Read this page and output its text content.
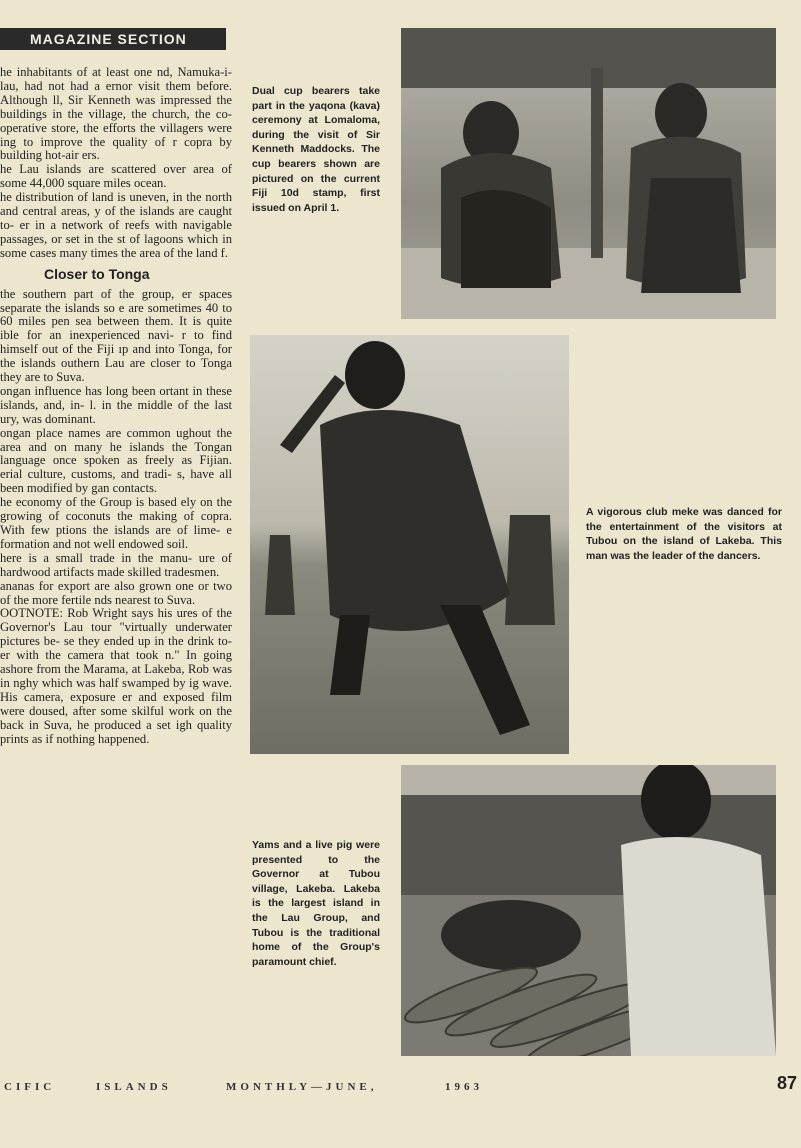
MAGAZINE SECTION

he inhabitants of at least one nd, Namuka-i-lau, had not had a ernor visit them before. Although ll, Sir Kenneth was impressed the buildings in the village, the church, the co-operative store, the efforts the villagers were ing to improve the quality of r copra by building hot-air ers.

he Lau islands are scattered over area of some 44,000 square miles ocean.

he distribution of land is uneven, in the north and central areas, y of the islands are caught to- er in a network of reefs with navigable passages, or set in the st of lagoons which in some cases many times the area of the land f.

Closer to Tonga

the southern part of the group, er spaces separate the islands so e are sometimes 40 to 60 miles pen sea between them. It is quite ible for an inexperienced navi- r to find himself out of the Fiji ıp and into Tonga, for the islands outhern Lau are closer to Tonga they are to Suva.

ongan influence has long been ortant in these islands, and, in- l. in the middle of the last ury, was dominant.

ongan place names are common ughout the area and on many he islands the Tongan language once spoken as freely as Fijian. erial culture, customs, and tradi- s, have all been modified by gan contacts.

he economy of the Group is based ely on the growing of coconuts the making of copra. With few ptions the islands are of lime- e formation and not well endowed soil.

here is a small trade in the manu- ure of hardwood artifacts made skilled tradesmen.

ananas for export are also grown one or two of the more fertile nds nearest to Suva.

OOTNOTE: Rob Wright says his ures of the Governor's Lau tour "virtually underwater pictures be- se they ended up in the drink to- er with the camera that took n." In going ashore from the Marama, at Lakeba, Rob was in nghy which was half swamped by ig wave. His camera, exposure er and exposed film were doused, after some skilful work on the back in Suva, he produced a set igh quality prints as if nothing happened.

Dual cup bearers take part in the yaqona (kava) ceremony at Lomaloma, during the visit of Sir Kenneth Maddocks. The cup bearers shown are pictured on the current Fiji 10d stamp, first issued on April 1.
A vigorous club meke was danced for the entertainment of the visitors at Tubou on the island of Lakeba. This man was the leader of the dancers.
Yams and a live pig were presented to the Governor at Tubou village, Lakeba. Lakeba is the largest island in the Lau Group, and Tubou is the traditional home of the Group's paramount chief.
CIFIC	ISLANDS	MONTHLY—JUNE,	1963	87
